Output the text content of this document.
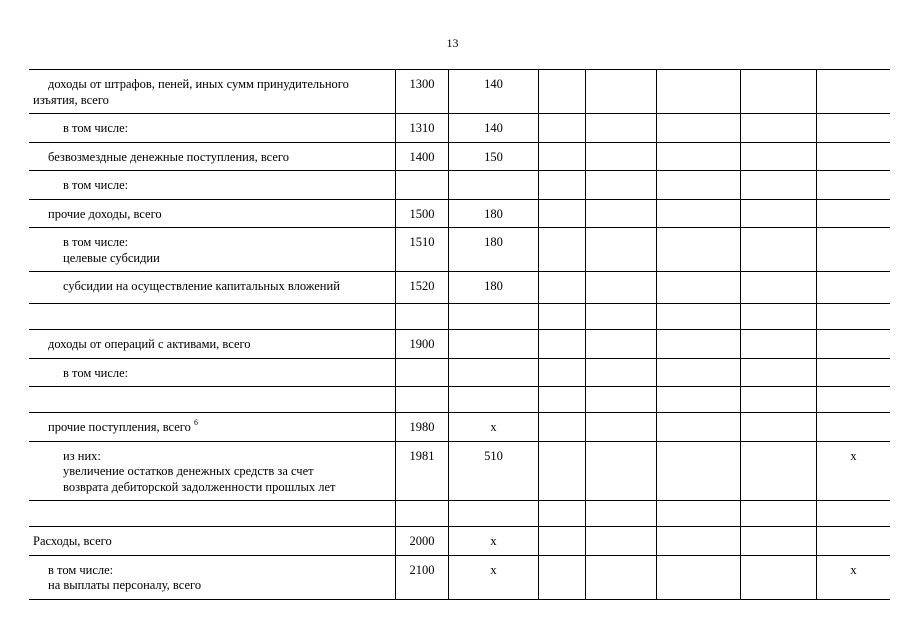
13
доходы от штрафов, пеней, иных сумм принудительного
изъятия, всего	1300	140					

в том числе:	1310	140					

безвозмездные денежные поступления, всего	1400	150					

в том числе:							

прочие доходы, всего	1500	180					

в том числе:
целевые субсидии	1510	180					

субсидии на осуществление капитальных вложений	1520	180					

доходы от операций с активами, всего	1900						

в том числе:							

прочие поступления, всего $^6$	1980	х					

из них:
увеличение остатков денежных средств за счет
возврата дебиторской задолженности прошлых лет	1981	510					х

Расходы, всего	2000	х					

в том числе:
на выплаты персоналу, всего	2100	х					х
